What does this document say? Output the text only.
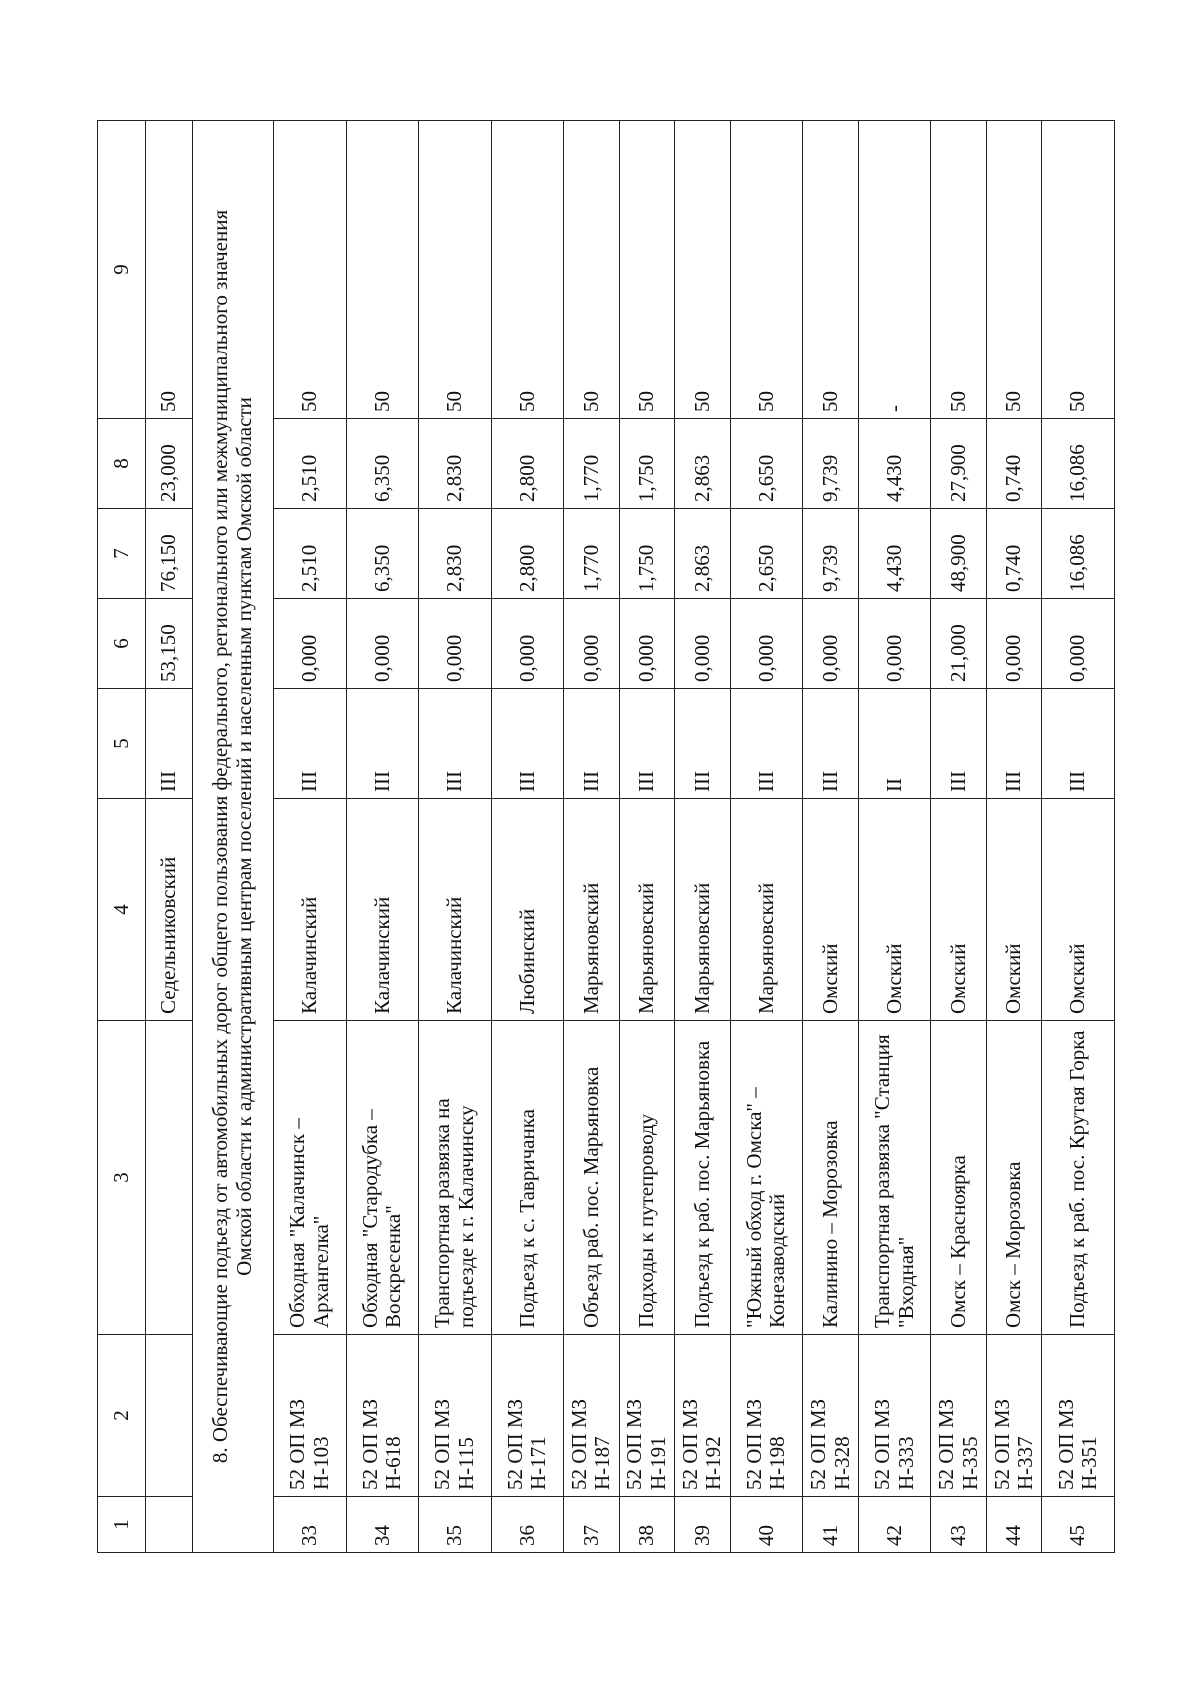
1	2	3	4	5	6	7	8	9
			Седельниковский	III	53,150	76,150	23,000	50

8. Обеспечивающие подъезд от автомобильных дорог общего пользования федерального, регионального или межмуниципального значения Омской области к административным центрам поселений и населенным пунктам Омской области								

33	52 ОП МЗ Н-103	Обходная "Калачинск – Архангелка"	Калачинский	III	0,000	2,510	2,510	50
34	52 ОП МЗ Н-618	Обходная "Стародубка – Воскресенка"	Калачинский	III	0,000	6,350	6,350	50
35	52 ОП МЗ Н-115	Транспортная развязка на подъезде к г. Калачинску	Калачинский	III	0,000	2,830	2,830	50
36	52 ОП МЗ Н-171	Подъезд к с. Тавричанка	Любинский	III	0,000	2,800	2,800	50
37	52 ОП МЗ Н-187	Объезд раб. пос. Марьяновка	Марьяновский	III	0,000	1,770	1,770	50
38	52 ОП МЗ Н-191	Подходы к путепроводу	Марьяновский	III	0,000	1,750	1,750	50
39	52 ОП МЗ Н-192	Подъезд к раб. пос. Марьяновка	Марьяновский	III	0,000	2,863	2,863	50
40	52 ОП МЗ Н-198	"Южный обход г. Омска" – Конезаводский	Марьяновский	III	0,000	2,650	2,650	50
41	52 ОП МЗ Н-328	Калинино – Морозовка	Омский	III	0,000	9,739	9,739	50
42	52 ОП МЗ Н-333	Транспортная развязка "Станция "Входная"	Омский	II	0,000	4,430	4,430	-
43	52 ОП МЗ Н-335	Омск – Красноярка	Омский	III	21,000	48,900	27,900	50
44	52 ОП МЗ Н-337	Омск – Морозовка	Омский	III	0,000	0,740	0,740	50
45	52 ОП МЗ Н-351	Подъезд к раб. пос. Крутая Горка	Омский	III	0,000	16,086	16,086	50
